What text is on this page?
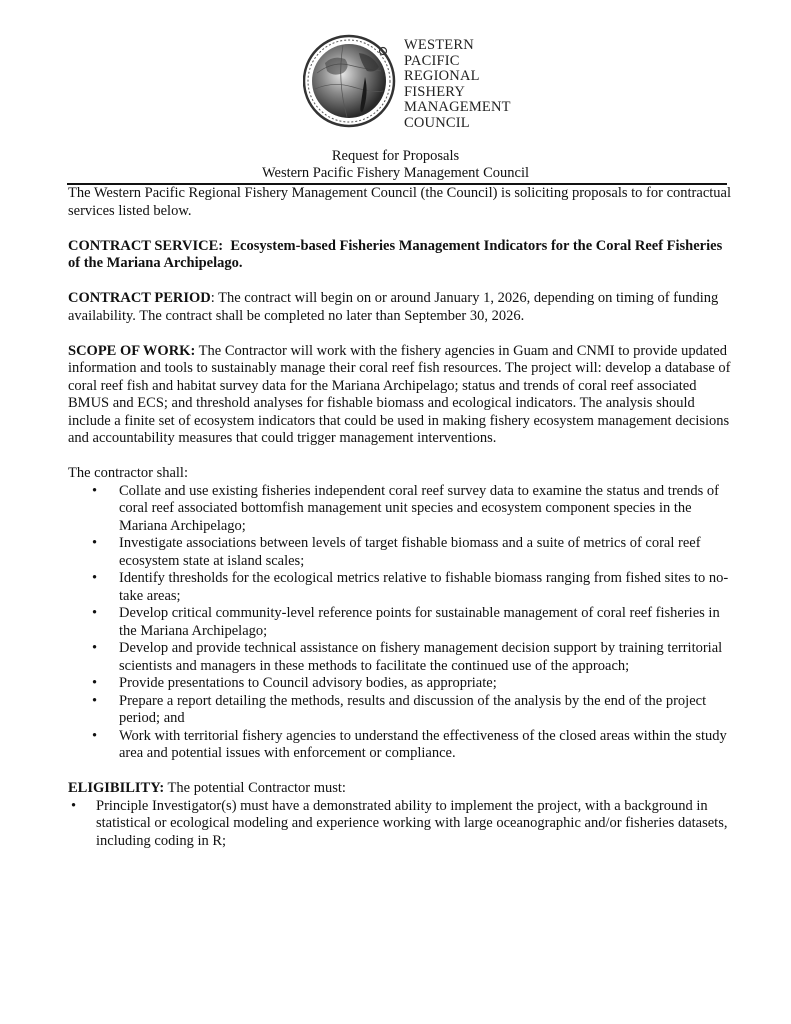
WESTERN
PACIFIC
REGIONAL
FISHERY
MANAGEMENT
COUNCIL
Request for Proposals
Western Pacific Fishery Management Council

The Western Pacific Regional Fishery Management Council (the Council) is soliciting proposals to for contractual services listed below.

CONTRACT SERVICE: Ecosystem-based Fisheries Management Indicators for the Coral Reef Fisheries of the Mariana Archipelago.

CONTRACT PERIOD: The contract will begin on or around January 1, 2026, depending on timing of funding availability. The contract shall be completed no later than September 30, 2026.

SCOPE OF WORK: The Contractor will work with the fishery agencies in Guam and CNMI to provide updated information and tools to sustainably manage their coral reef fish resources. The project will: develop a database of coral reef fish and habitat survey data for the Mariana Archipelago; status and trends of coral reef associated BMUS and ECS; and threshold analyses for fishable biomass and ecological indicators. The analysis should include a finite set of ecosystem indicators that could be used in making fishery ecosystem management decisions and accountability measures that could trigger management interventions.

The contractor shall:

• Collate and use existing fisheries independent coral reef survey data to examine the status and trends of coral reef associated bottomfish management unit species and ecosystem component species in the Mariana Archipelago;
• Investigate associations between levels of target fishable biomass and a suite of metrics of coral reef ecosystem state at island scales;
• Identify thresholds for the ecological metrics relative to fishable biomass ranging from fished sites to no-take areas;
• Develop critical community-level reference points for sustainable management of coral reef fisheries in the Mariana Archipelago;
• Develop and provide technical assistance on fishery management decision support by training territorial scientists and managers in these methods to facilitate the continued use of the approach;
• Provide presentations to Council advisory bodies, as appropriate;
• Prepare a report detailing the methods, results and discussion of the analysis by the end of the project period; and
• Work with territorial fishery agencies to understand the effectiveness of the closed areas within the study area and potential issues with enforcement or compliance.

ELIGIBILITY: The potential Contractor must:

• Principle Investigator(s) must have a demonstrated ability to implement the project, with a background in statistical or ecological modeling and experience working with large oceanographic and/or fisheries datasets, including coding in R;
